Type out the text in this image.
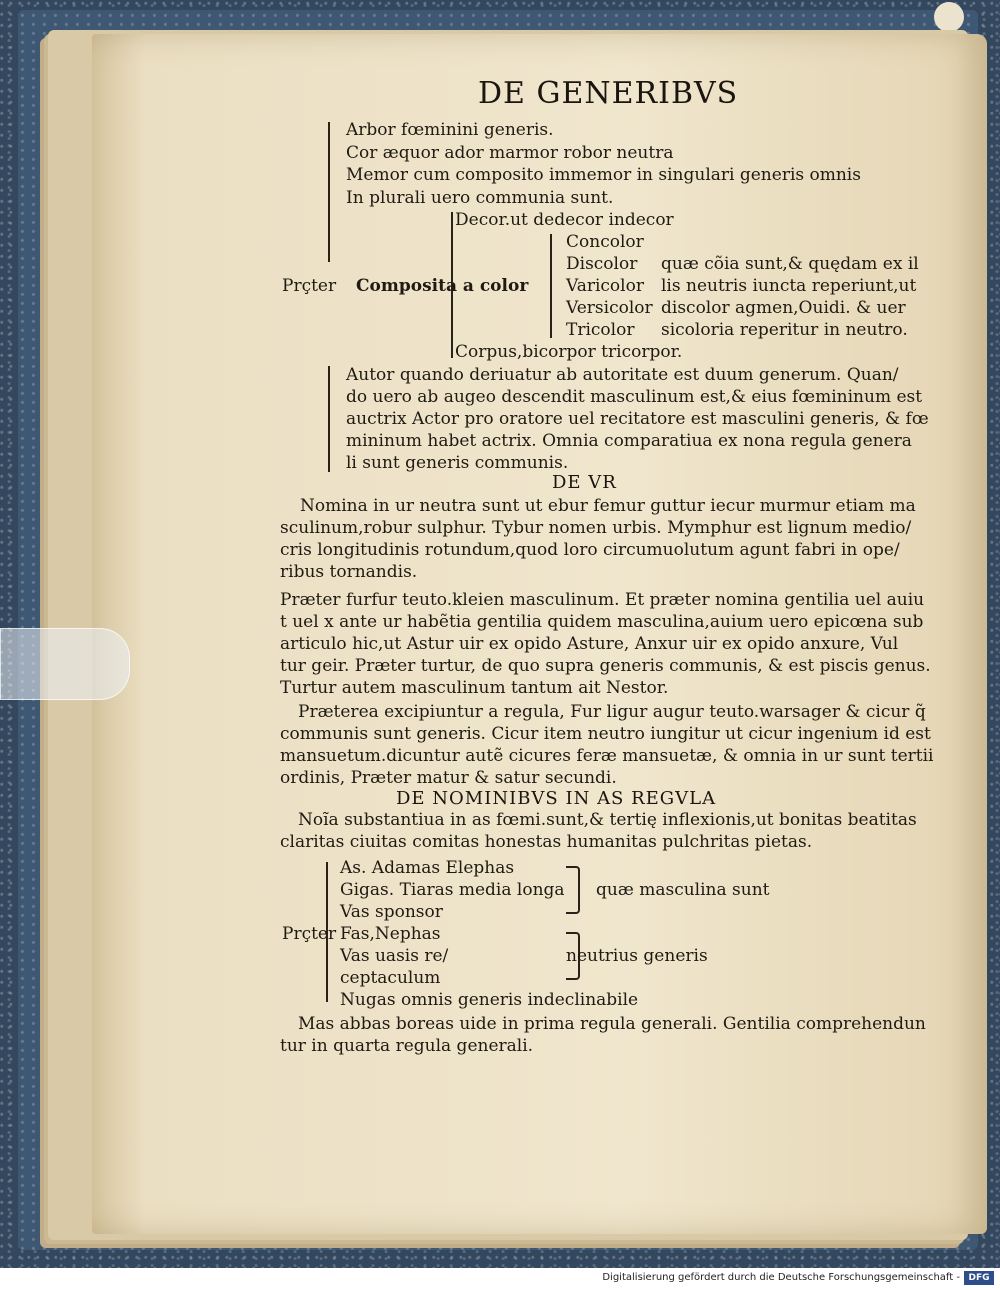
DE GENERIBVS
Arbor fœminini generis.
Cor æquor ador marmor robor neutra
Memor cum composito immemor in singulari generis omnis
In plurali uero communia sunt.
Prçter
Decor.ut dedecor indecor
Composita a color
Concolor
Discolor
Varicolor
Versicolor
Tricolor
quæ cõia sunt,& quędam ex il
lis neutris iuncta reperiunt,ut
discolor agmen,Ouidi. & uer
sicoloria reperitur in neutro.
Corpus,bicorpor tricorpor.
Autor quando deriuatur ab autoritate est duum generum. Quan/
do uero ab augeo descendit masculinum est,& eius fœmininum est
auctrix Actor pro oratore uel recitatore est masculini generis, & fœ
mininum habet actrix. Omnia comparatiua ex nona regula genera
li sunt generis communis.
DE VR
Nomina in ur neutra sunt ut ebur femur guttur iecur murmur etiam ma
sculinum,robur sulphur. Tybur nomen urbis. Mymphur est lignum medio/
cris longitudinis rotundum,quod loro circumuolutum agunt fabri in ope/
ribus tornandis.
Præter furfur teuto.kleien masculinum. Et præter nomina gentilia uel auiu
t uel x ante ur habẽtia gentilia quidem masculina,auium uero epicœna sub
articulo hic,ut Astur uir ex opido Asture, Anxur uir ex opido anxure, Vul
tur geir. Præter turtur, de quo supra generis communis, & est piscis genus.
Turtur autem masculinum tantum ait Nestor.
Præterea excipiuntur a regula, Fur ligur augur teuto.warsager & cicur q̃
communis sunt generis. Cicur item neutro iungitur ut cicur ingenium id est
mansuetum.dicuntur autẽ cicures feræ mansuetæ, & omnia in ur sunt tertii
ordinis, Præter matur & satur secundi.
DE NOMINIBVS IN AS REGVLA
Noĩa substantiua in as fœmi.sunt,& tertię inflexionis,ut bonitas beatitas
claritas ciuitas comitas honestas humanitas pulchritas pietas.
As. Adamas Elephas
Gigas. Tiaras media longa
Vas sponsor
quæ masculina sunt
Prçter Fas,Nephas
Vas uasis re/
ceptaculum
neutrius generis
Nugas omnis generis indeclinabile
Mas abbas boreas uide in prima regula generali. Gentilia comprehendun
tur in quarta regula generali.
Digitalisierung gefördert durch die Deutsche Forschungsgemeinschaft - DFG
